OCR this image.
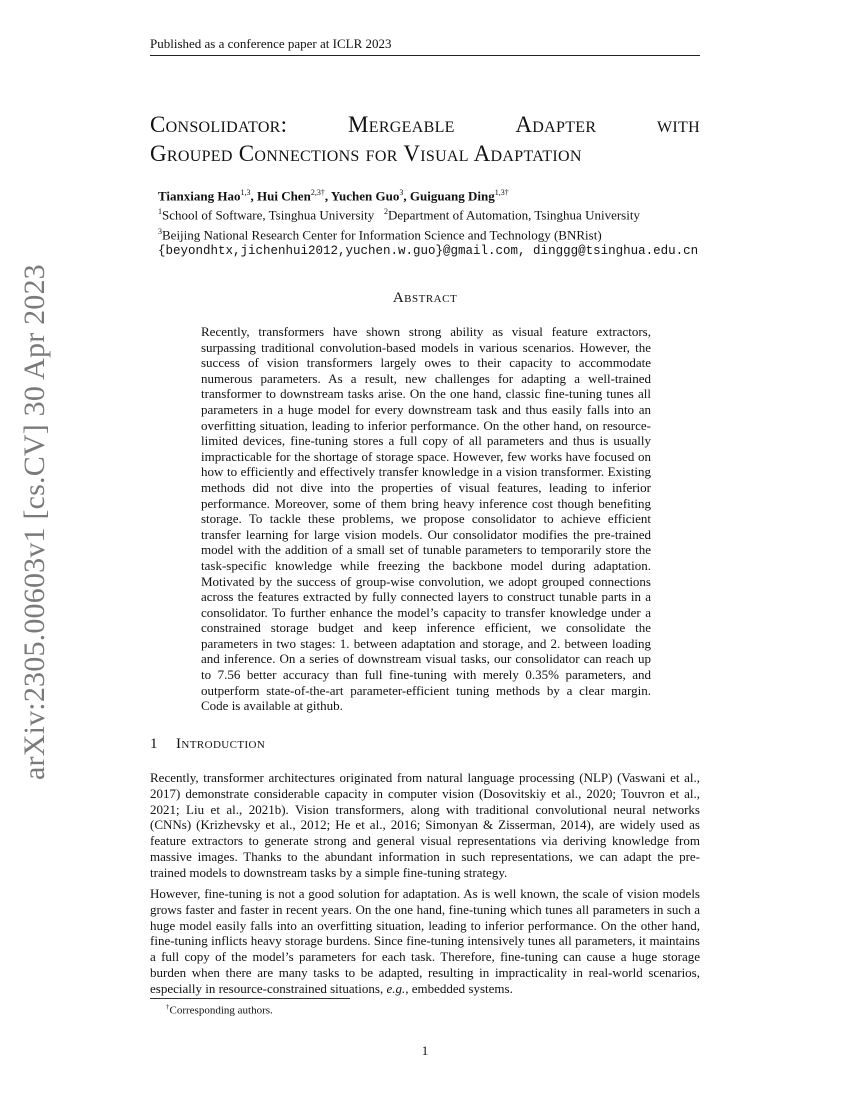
Published as a conference paper at ICLR 2023
arXiv:2305.00603v1 [cs.CV] 30 Apr 2023
Consolidator:	Mergeable	Adapter	with
Grouped Connections for Visual Adaptation
Tianxiang Hao$^{1,3}$, Hui Chen$^{2,3\dagger}$, Yuchen Guo$^3$, Guiguang Ding$^{1,3\dagger}$
$^1$School of Software, Tsinghua University $^2$Department of Automation, Tsinghua University
$^3$Beijing National Research Center for Information Science and Technology (BNRist)
{beyondhtx,jichenhui2012,yuchen.w.guo}@gmail.com, dinggg@tsinghua.edu.cn
Abstract
Recently, transformers have shown strong ability as visual feature extractors, surpassing traditional convolution-based models in various scenarios. However, the success of vision transformers largely owes to their capacity to accommodate numerous parameters. As a result, new challenges for adapting a well-trained transformer to downstream tasks arise. On the one hand, classic fine-tuning tunes all parameters in a huge model for every downstream task and thus easily falls into an overfitting situation, leading to inferior performance. On the other hand, on resource-limited devices, fine-tuning stores a full copy of all parameters and thus is usually impracticable for the shortage of storage space. However, few works have focused on how to efficiently and effectively transfer knowledge in a vision transformer. Existing methods did not dive into the properties of visual features, leading to inferior performance. Moreover, some of them bring heavy inference cost though benefiting storage. To tackle these problems, we propose consolidator to achieve efficient transfer learning for large vision models. Our consolidator modifies the pre-trained model with the addition of a small set of tunable parameters to temporarily store the task-specific knowledge while freezing the backbone model during adaptation. Motivated by the success of group-wise convolution, we adopt grouped connections across the features extracted by fully connected layers to construct tunable parts in a consolidator. To further enhance the model’s capacity to transfer knowledge under a constrained storage budget and keep inference efficient, we consolidate the parameters in two stages: 1. between adaptation and storage, and 2. between loading and inference. On a series of downstream visual tasks, our consolidator can reach up to 7.56 better accuracy than full fine-tuning with merely 0.35% parameters, and outperform state-of-the-art parameter-efficient tuning methods by a clear margin. Code is available at github.
1 Introduction
Recently, transformer architectures originated from natural language processing (NLP) (Vaswani et al., 2017) demonstrate considerable capacity in computer vision (Dosovitskiy et al., 2020; Touvron et al., 2021; Liu et al., 2021b). Vision transformers, along with traditional convolutional neural networks (CNNs) (Krizhevsky et al., 2012; He et al., 2016; Simonyan & Zisserman, 2014), are widely used as feature extractors to generate strong and general visual representations via deriving knowledge from massive images. Thanks to the abundant information in such representations, we can adapt the pre-trained models to downstream tasks by a simple fine-tuning strategy.
However, fine-tuning is not a good solution for adaptation. As is well known, the scale of vision models grows faster and faster in recent years. On the one hand, fine-tuning which tunes all parameters in such a huge model easily falls into an overfitting situation, leading to inferior performance. On the other hand, fine-tuning inflicts heavy storage burdens. Since fine-tuning intensively tunes all parameters, it maintains a full copy of the model’s parameters for each task. Therefore, fine-tuning can cause a huge storage burden when there are many tasks to be adapted, resulting in impracticality in real-world scenarios, especially in resource-constrained situations, e.g., embedded systems.
†Corresponding authors.
1
